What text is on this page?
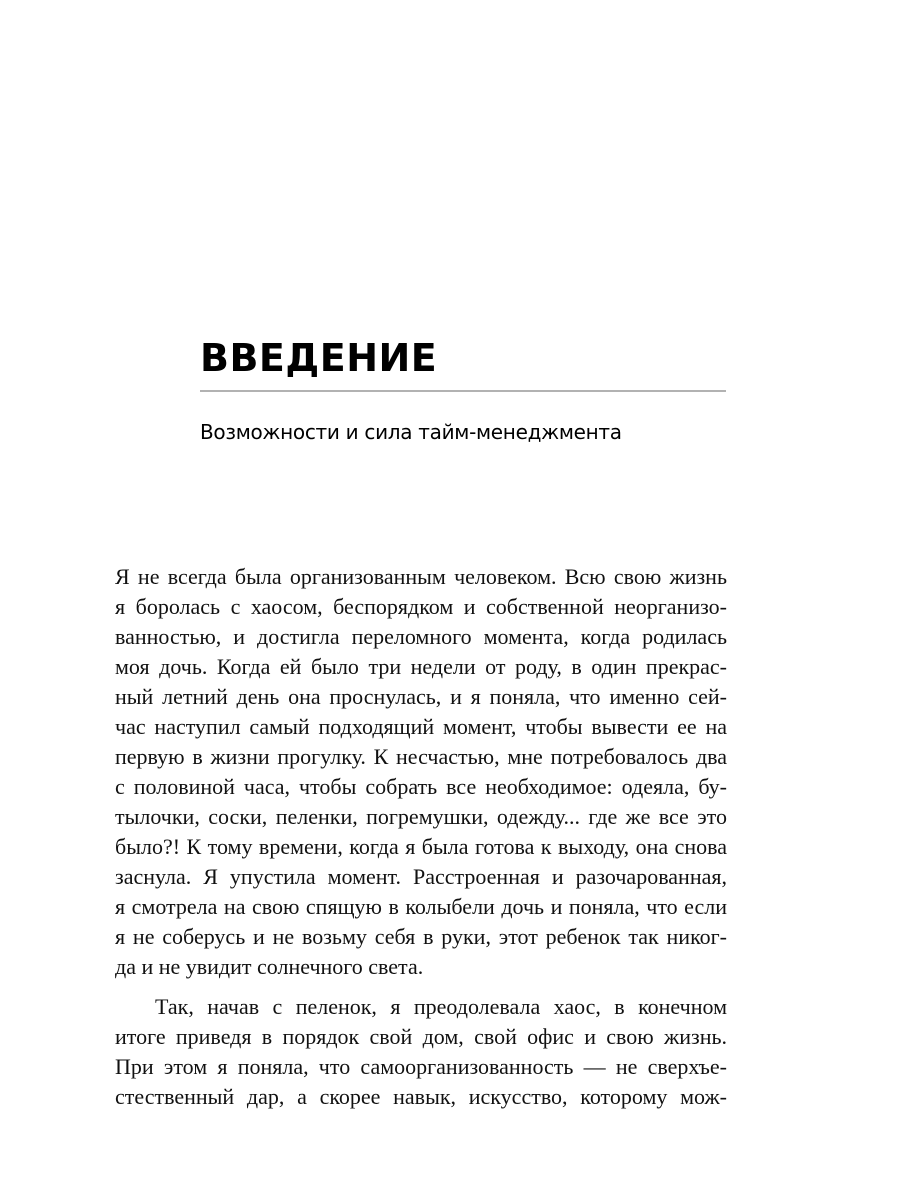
ВВЕДЕНИЕ

Возможности и сила тайм-менеджмента

Я не всегда была организованным человеком. Всю свою жизнь
я боролась с хаосом, беспорядком и собственной неорганизо-
ванностью, и достигла переломного момента, когда родилась
моя дочь. Когда ей было три недели от роду, в один прекрас-
ный летний день она проснулась, и я поняла, что именно сей-
час наступил самый подходящий момент, чтобы вывести ее на
первую в жизни прогулку. К несчастью, мне потребовалось два
с половиной часа, чтобы собрать все необходимое: одеяла, бу-
тылочки, соски, пеленки, погремушки, одежду... где же все это
было?! К тому времени, когда я была готова к выходу, она снова
заснула. Я упустила момент. Расстроенная и разочарованная,
я смотрела на свою спящую в колыбели дочь и поняла, что если
я не соберусь и не возьму себя в руки, этот ребенок так никог-
да и не увидит солнечного света.
Так, начав с пеленок, я преодолевала хаос, в конечном
итоге приведя в порядок свой дом, свой офис и свою жизнь.
При этом я поняла, что самоорганизованность — не сверхъе-
стественный дар, а скорее навык, искусство, которому мож-
